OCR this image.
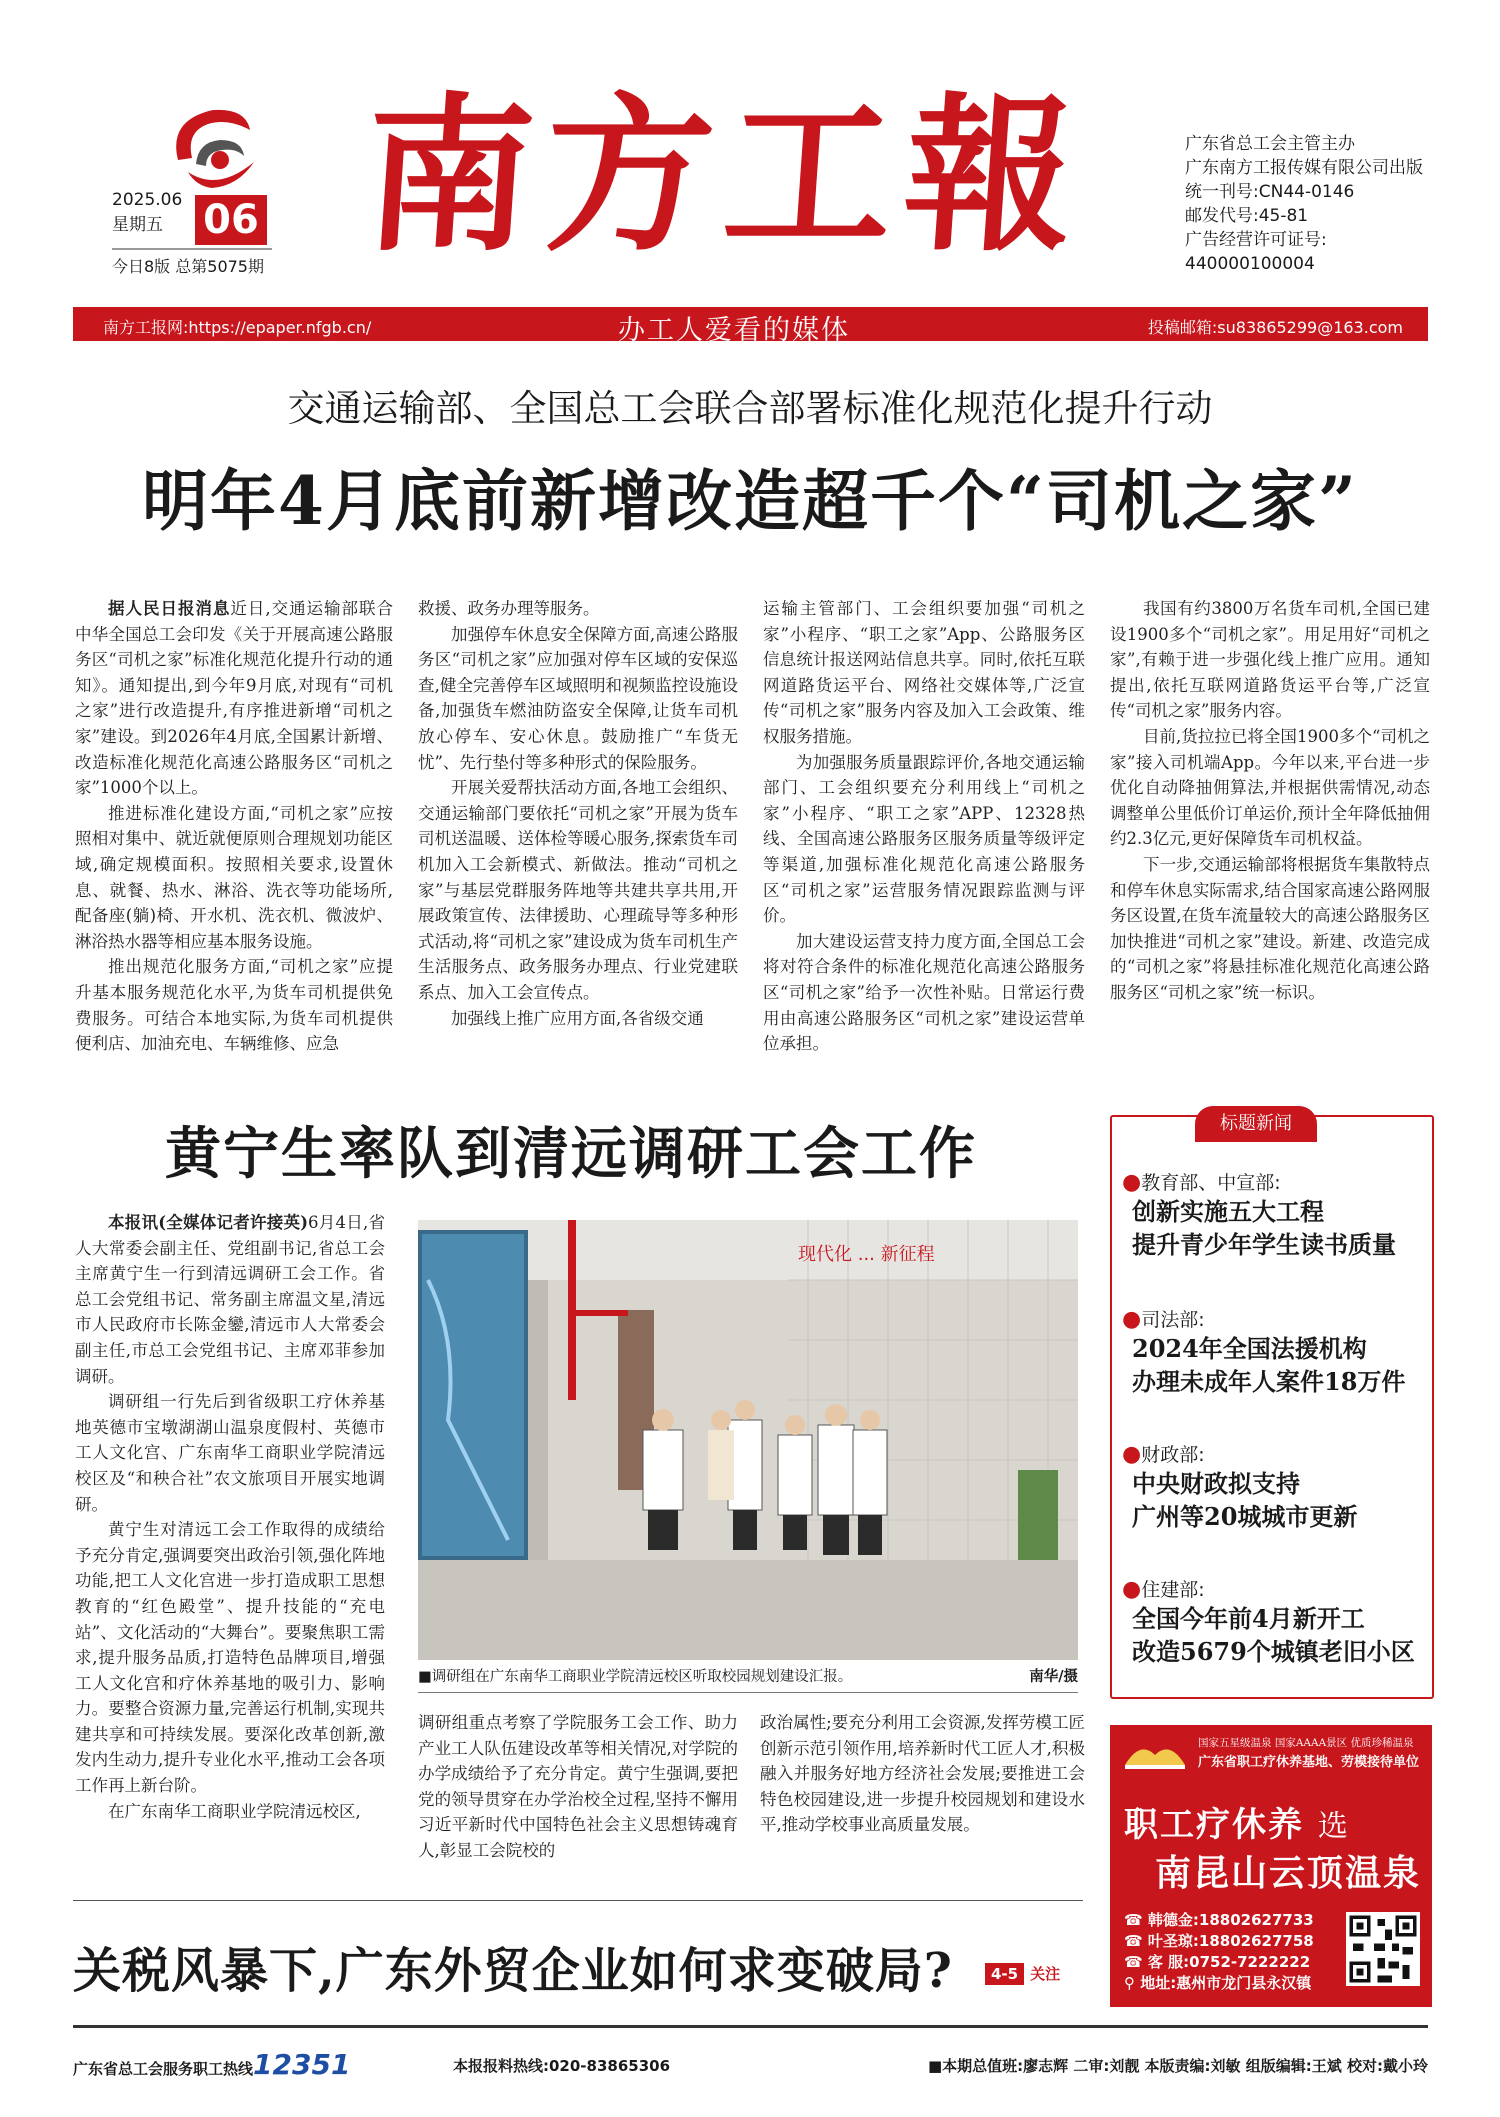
2025.06
星期五	06
今日8版 总第5075期 南方工報	广东省总工会主管主办
广东南方工报传媒有限公司出版
统一刊号:CN44-0146
邮发代号:45-81
广告经营许可证号:
440000100004
南方工报网:https://epaper.nfgb.cn/	办工人爱看的媒体	投稿邮箱:su83865299@163.com
交通运输部、全国总工会联合部署标准化规范化提升行动
明年4月底前新增改造超千个“司机之家”

据人民日报消息近日,交通运输部联合中华全国总工会印发《关于开展高速公路服务区“司机之家”标准化规范化提升行动的通知》。通知提出,到今年9月底,对现有“司机之家”进行改造提升,有序推进新增“司机之家”建设。到2026年4月底,全国累计新增、改造标准化规范化高速公路服务区“司机之家”1000个以上。

推进标准化建设方面,“司机之家”应按照相对集中、就近就便原则合理规划功能区域,确定规模面积。按照相关要求,设置休息、就餐、热水、淋浴、洗衣等功能场所,配备座(躺)椅、开水机、洗衣机、微波炉、淋浴热水器等相应基本服务设施。

推出规范化服务方面,“司机之家”应提升基本服务规范化水平,为货车司机提供免费服务。可结合本地实际,为货车司机提供便利店、加油充电、车辆维修、应急

救援、政务办理等服务。

加强停车休息安全保障方面,高速公路服务区“司机之家”应加强对停车区域的安保巡查,健全完善停车区域照明和视频监控设施设备,加强货车燃油防盗安全保障,让货车司机放心停车、安心休息。鼓励推广“车货无忧”、先行垫付等多种形式的保险服务。

开展关爱帮扶活动方面,各地工会组织、交通运输部门要依托“司机之家”开展为货车司机送温暖、送体检等暖心服务,探索货车司机加入工会新模式、新做法。推动“司机之家”与基层党群服务阵地等共建共享共用,开展政策宣传、法律援助、心理疏导等多种形式活动,将“司机之家”建设成为货车司机生产生活服务点、政务服务办理点、行业党建联系点、加入工会宣传点。

加强线上推广应用方面,各省级交通

运输主管部门、工会组织要加强“司机之家”小程序、“职工之家”App、公路服务区信息统计报送网站信息共享。同时,依托互联网道路货运平台、网络社交媒体等,广泛宣传“司机之家”服务内容及加入工会政策、维权服务措施。

为加强服务质量跟踪评价,各地交通运输部门、工会组织要充分利用线上“司机之家”小程序、“职工之家”APP、12328热线、全国高速公路服务区服务质量等级评定等渠道,加强标准化规范化高速公路服务区“司机之家”运营服务情况跟踪监测与评价。

加大建设运营支持力度方面,全国总工会将对符合条件的标准化规范化高速公路服务区“司机之家”给予一次性补贴。日常运行费用由高速公路服务区“司机之家”建设运营单位承担。

我国有约3800万名货车司机,全国已建设1900多个“司机之家”。用足用好“司机之家”,有赖于进一步强化线上推广应用。通知提出,依托互联网道路货运平台等,广泛宣传“司机之家”服务内容。

目前,货拉拉已将全国1900多个“司机之家”接入司机端App。今年以来,平台进一步优化自动降抽佣算法,并根据供需情况,动态调整单公里低价订单运价,预计全年降低抽佣约2.3亿元,更好保障货车司机权益。

下一步,交通运输部将根据货车集散特点和停车休息实际需求,结合国家高速公路网服务区设置,在货车流量较大的高速公路服务区加快推进“司机之家”建设。新建、改造完成的“司机之家”将悬挂标准化规范化高速公路服务区“司机之家”统一标识。

黄宁生率队到清远调研工会工作

本报讯(全媒体记者许接英)6月4日,省人大常委会副主任、党组副书记,省总工会主席黄宁生一行到清远调研工会工作。省总工会党组书记、常务副主席温文星,清远市人民政府市长陈金鑾,清远市人大常委会副主任,市总工会党组书记、主席邓菲参加调研。

调研组一行先后到省级职工疗休养基地英德市宝墩湖湖山温泉度假村、英德市工人文化宫、广东南华工商职业学院清远校区及“和秧合社”农文旅项目开展实地调研。

黄宁生对清远工会工作取得的成绩给予充分肯定,强调要突出政治引领,强化阵地功能,把工人文化宫进一步打造成职工思想教育的“红色殿堂”、提升技能的“充电站”、文化活动的“大舞台”。要聚焦职工需求,提升服务品质,打造特色品牌项目,增强工人文化宫和疗休养基地的吸引力、影响力。要整合资源力量,完善运行机制,实现共建共享和可持续发展。要深化改革创新,激发内生动力,提升专业化水平,推动工会各项工作再上新台阶。

在广东南华工商职业学院清远校区,

现代化 ... 新征程
■调研组在广东南华工商职业学院清远校区听取校园规划建设汇报。	南华/摄

调研组重点考察了学院服务工会工作、助力产业工人队伍建设改革等相关情况,对学院的办学成绩给予了充分肯定。黄宁生强调,要把党的领导贯穿在办学治校全过程,坚持不懈用习近平新时代中国特色社会主义思想铸魂育人,彰显工会院校的

政治属性;要充分利用工会资源,发挥劳模工匠创新示范引领作用,培养新时代工匠人才,积极融入并服务好地方经济社会发展;要推进工会特色校园建设,进一步提升校园规划和建设水平,推动学校事业高质量发展。

标题新闻
●教育部、中宣部:
创新实施五大工程
提升青少年学生读书质量
●司法部:
2024年全国法援机构
办理未成年人案件18万件
●财政部:
中央财政拟支持
广州等20城城市更新
●住建部:
全国今年前4月新开工
改造5679个城镇老旧小区
国家五星级温泉 国家AAAA景区 优质珍稀温泉
广东省职工疗休养基地、劳模接待单位
职工疗休养 选
南昆山云顶温泉
☎ 韩德金:18802627733
☎ 叶圣琼:18802627758
☎ 客 服:0752-7222222
⚲ 地址:惠州市龙门县永汉镇
关税风暴下,广东外贸企业如何求变破局?	4-5 关注
广东省总工会服务职工热线12351	本报报料热线:020-83865306	■本期总值班:廖志辉 二审:刘靓 本版责编:刘敏 组版编辑:王斌 校对:戴小玲
